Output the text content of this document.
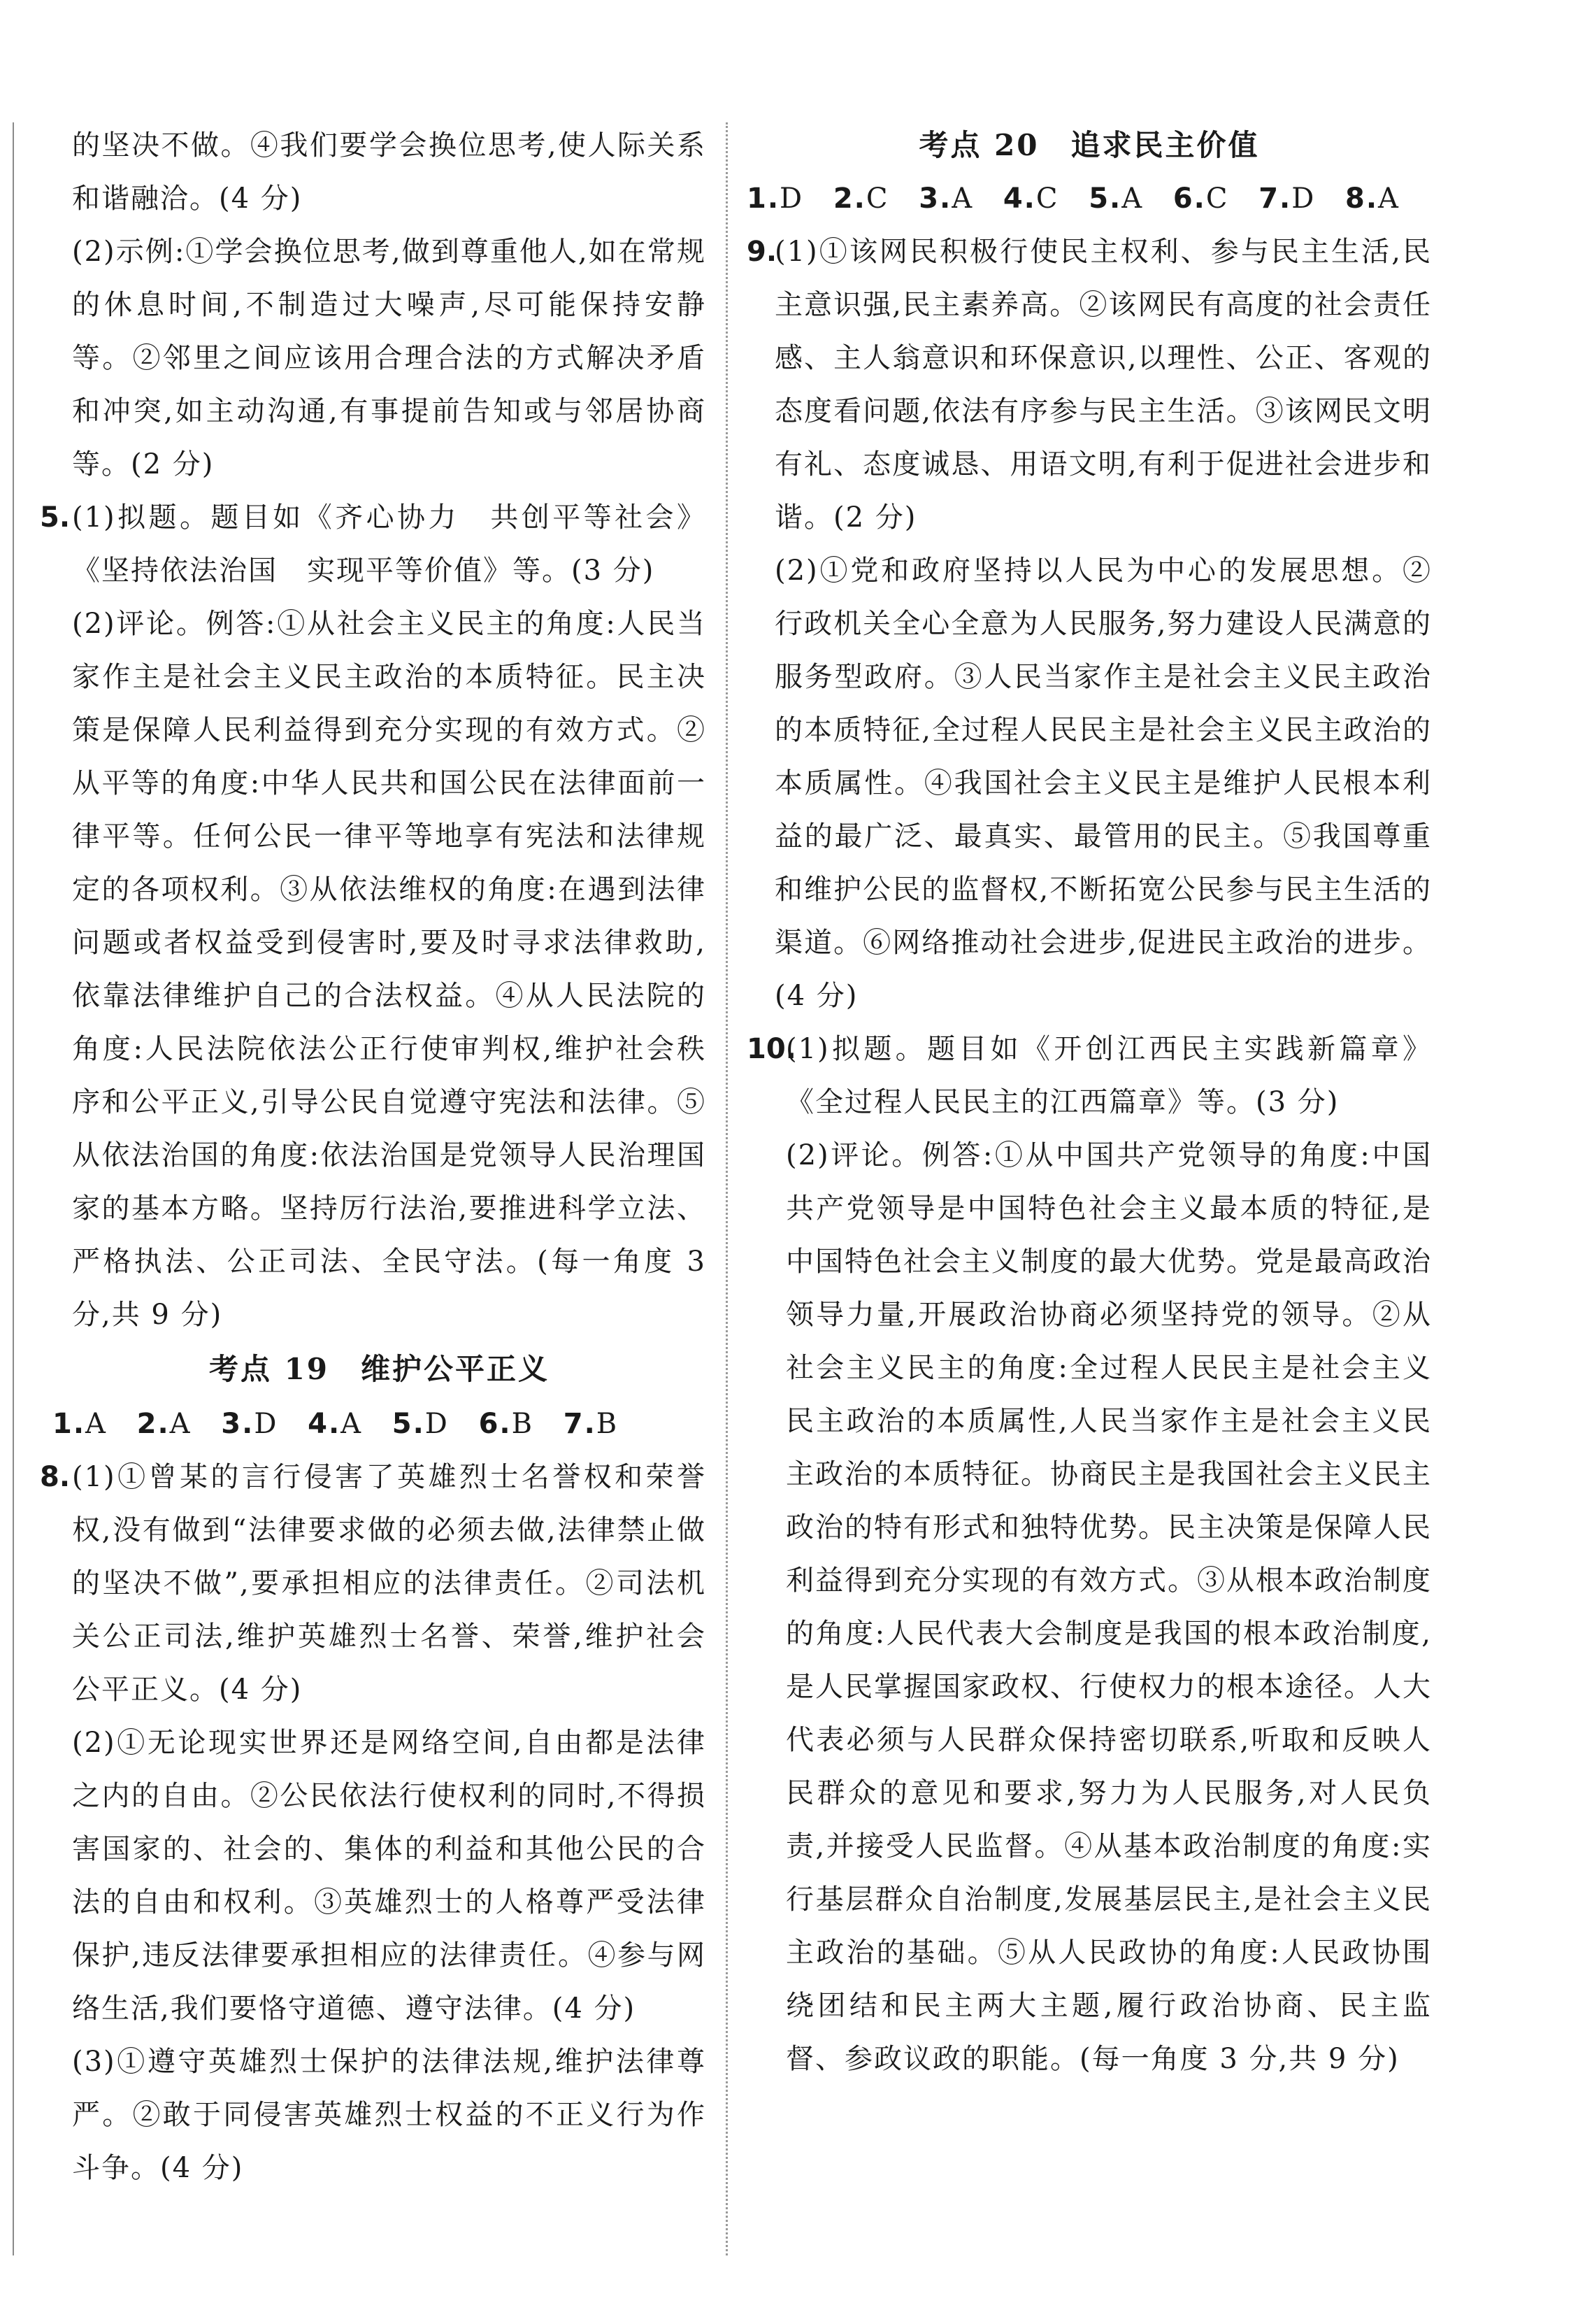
的坚决不做。④我们要学会换位思考,使人际关系和谐融洽。(4 分)

(2)示例:①学会换位思考,做到尊重他人,如在常规的休息时间,不制造过大噪声,尽可能保持安静等。②邻里之间应该用合理合法的方式解决矛盾和冲突,如主动沟通,有事提前告知或与邻居协商等。(2 分)

5. (1)拟题。题目如《齐心协力　共创平等社会》《坚持依法治国　实现平等价值》等。(3 分)

(2)评论。例答:①从社会主义民主的角度:人民当家作主是社会主义民主政治的本质特征。民主决策是保障人民利益得到充分实现的有效方式。②从平等的角度:中华人民共和国公民在法律面前一律平等。任何公民一律平等地享有宪法和法律规定的各项权利。③从依法维权的角度:在遇到法律问题或者权益受到侵害时,要及时寻求法律救助,依靠法律维护自己的合法权益。④从人民法院的角度:人民法院依法公正行使审判权,维护社会秩序和公平正义,引导公民自觉遵守宪法和法律。⑤从依法治国的角度:依法治国是党领导人民治理国家的基本方略。坚持厉行法治,要推进科学立法、严格执法、公正司法、全民守法。(每一角度 3 分,共 9 分)

考点 19　维护公平正义

1.A 2.A 3.D 4.A 5.D 6.B 7.B

8. (1)①曾某的言行侵害了英雄烈士名誉权和荣誉权,没有做到“法律要求做的必须去做,法律禁止做的坚决不做”,要承担相应的法律责任。②司法机关公正司法,维护英雄烈士名誉、荣誉,维护社会公平正义。(4 分)

(2)①无论现实世界还是网络空间,自由都是法律之内的自由。②公民依法行使权利的同时,不得损害国家的、社会的、集体的利益和其他公民的合法的自由和权利。③英雄烈士的人格尊严受法律保护,违反法律要承担相应的法律责任。④参与网络生活,我们要恪守道德、遵守法律。(4 分)

(3)①遵守英雄烈士保护的法律法规,维护法律尊严。②敢于同侵害英雄烈士权益的不正义行为作斗争。(4 分)

考点 20　追求民主价值

1.D 2.C 3.A 4.C 5.A 6.C 7.D 8.A

9.

(1)①该网民积极行使民主权利、参与民主生活,民主意识强,民主素养高。②该网民有高度的社会责任感、主人翁意识和环保意识,以理性、公正、客观的态度看问题,依法有序参与民主生活。③该网民文明有礼、态度诚恳、用语文明,有利于促进社会进步和谐。(2 分)

(2)①党和政府坚持以人民为中心的发展思想。②行政机关全心全意为人民服务,努力建设人民满意的服务型政府。③人民当家作主是社会主义民主政治的本质特征,全过程人民民主是社会主义民主政治的本质属性。④我国社会主义民主是维护人民根本利益的最广泛、最真实、最管用的民主。⑤我国尊重和维护公民的监督权,不断拓宽公民参与民主生活的渠道。⑥网络推动社会进步,促进民主政治的进步。(4 分)

10.

(1)拟题。题目如《开创江西民主实践新篇章》《全过程人民民主的江西篇章》等。(3 分)

(2)评论。例答:①从中国共产党领导的角度:中国共产党领导是中国特色社会主义最本质的特征,是中国特色社会主义制度的最大优势。党是最高政治领导力量,开展政治协商必须坚持党的领导。②从社会主义民主的角度:全过程人民民主是社会主义民主政治的本质属性,人民当家作主是社会主义民主政治的本质特征。协商民主是我国社会主义民主政治的特有形式和独特优势。民主决策是保障人民利益得到充分实现的有效方式。③从根本政治制度的角度:人民代表大会制度是我国的根本政治制度,是人民掌握国家政权、行使权力的根本途径。人大代表必须与人民群众保持密切联系,听取和反映人民群众的意见和要求,努力为人民服务,对人民负责,并接受人民监督。④从基本政治制度的角度:实行基层群众自治制度,发展基层民主,是社会主义民主政治的基础。⑤从人民政协的角度:人民政协围绕团结和民主两大主题,履行政治协商、民主监督、参政议政的职能。(每一角度 3 分,共 9 分)
